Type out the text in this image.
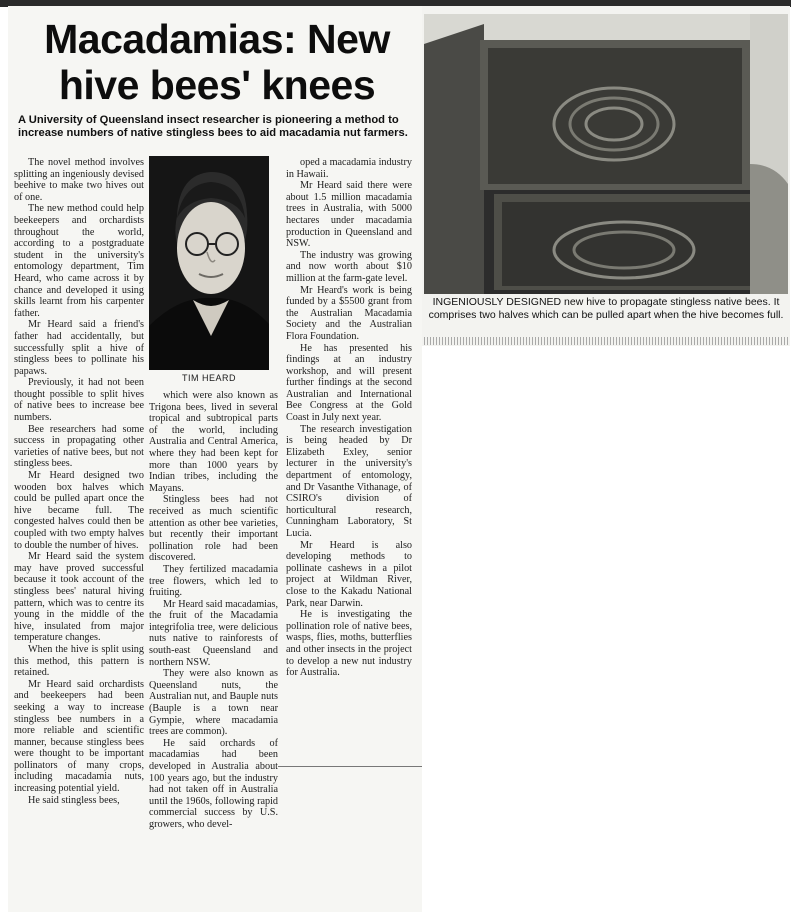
Macadamias: New hive bees' knees
A University of Queensland insect researcher is pioneering a method to increase numbers of native stingless bees to aid macadamia nut farmers.
TIM HEARD
INGENIOUSLY DESIGNED new hive to propagate stingless native bees. It comprises two halves which can be pulled apart when the hive becomes full.

The novel method involves splitting an ingeniously devised beehive to make two hives out of one.

The new method could help beekeepers and orchardists throughout the world, according to a postgraduate student in the university's entomology department, Tim Heard, who came across it by chance and developed it using skills learnt from his carpenter father.

Mr Heard said a friend's father had accidentally, but successfully split a hive of stingless bees to pollinate his papaws.

Previously, it had not been thought possible to split hives of native bees to increase bee numbers.

Bee researchers had some success in propagating other varieties of native bees, but not stingless bees.

Mr Heard designed two wooden box halves which could be pulled apart once the hive became full. The congested halves could then be coupled with two empty halves to double the number of hives.

Mr Heard said the system may have proved successful because it took account of the stingless bees' natural hiving pattern, which was to centre its young in the middle of the hive, insulated from major temperature changes.

When the hive is split using this method, this pattern is retained.

Mr Heard said orchardists and beekeepers had been seeking a way to increase stingless bee numbers in a more reliable and scientific manner, because stingless bees were thought to be important pollinators of many crops, including macadamia nuts, increasing potential yield.

He said stingless bees,

which were also known as Trigona bees, lived in several tropical and subtropical parts of the world, including Australia and Central America, where they had been kept for more than 1000 years by Indian tribes, including the Mayans.

Stingless bees had not received as much scientific attention as other bee varieties, but recently their important pollination role had been discovered.

They fertilized macadamia tree flowers, which led to fruiting.

Mr Heard said macadamias, the fruit of the Macadamia integrifolia tree, were delicious nuts native to rainforests of south-east Queensland and northern NSW.

They were also known as Queensland nuts, the Australian nut, and Bauple nuts (Bauple is a town near Gympie, where macadamia trees are common).

He said orchards of macadamias had been developed in Australia about 100 years ago, but the industry had not taken off in Australia until the 1960s, following rapid commercial success by U.S. growers, who devel-

oped a macadamia industry in Hawaii.

Mr Heard said there were about 1.5 million macadamia trees in Australia, with 5000 hectares under macadamia production in Queensland and NSW.

The industry was growing and now worth about $10 million at the farm-gate level.

Mr Heard's work is being funded by a $5500 grant from the Australian Macadamia Society and the Australian Flora Foundation.

He has presented his findings at an industry workshop, and will present further findings at the second Australian and International Bee Congress at the Gold Coast in July next year.

The research investigation is being headed by Dr Elizabeth Exley, senior lecturer in the university's department of entomology, and Dr Vasanthe Vithanage, of CSIRO's division of horticultural research, Cunningham Laboratory, St Lucia.

Mr Heard is also developing methods to pollinate cashews in a pilot project at Wildman River, close to the Kakadu National Park, near Darwin.

He is investigating the pollination role of native bees, wasps, flies, moths, butterflies and other insects in the project to develop a new nut industry for Australia.
